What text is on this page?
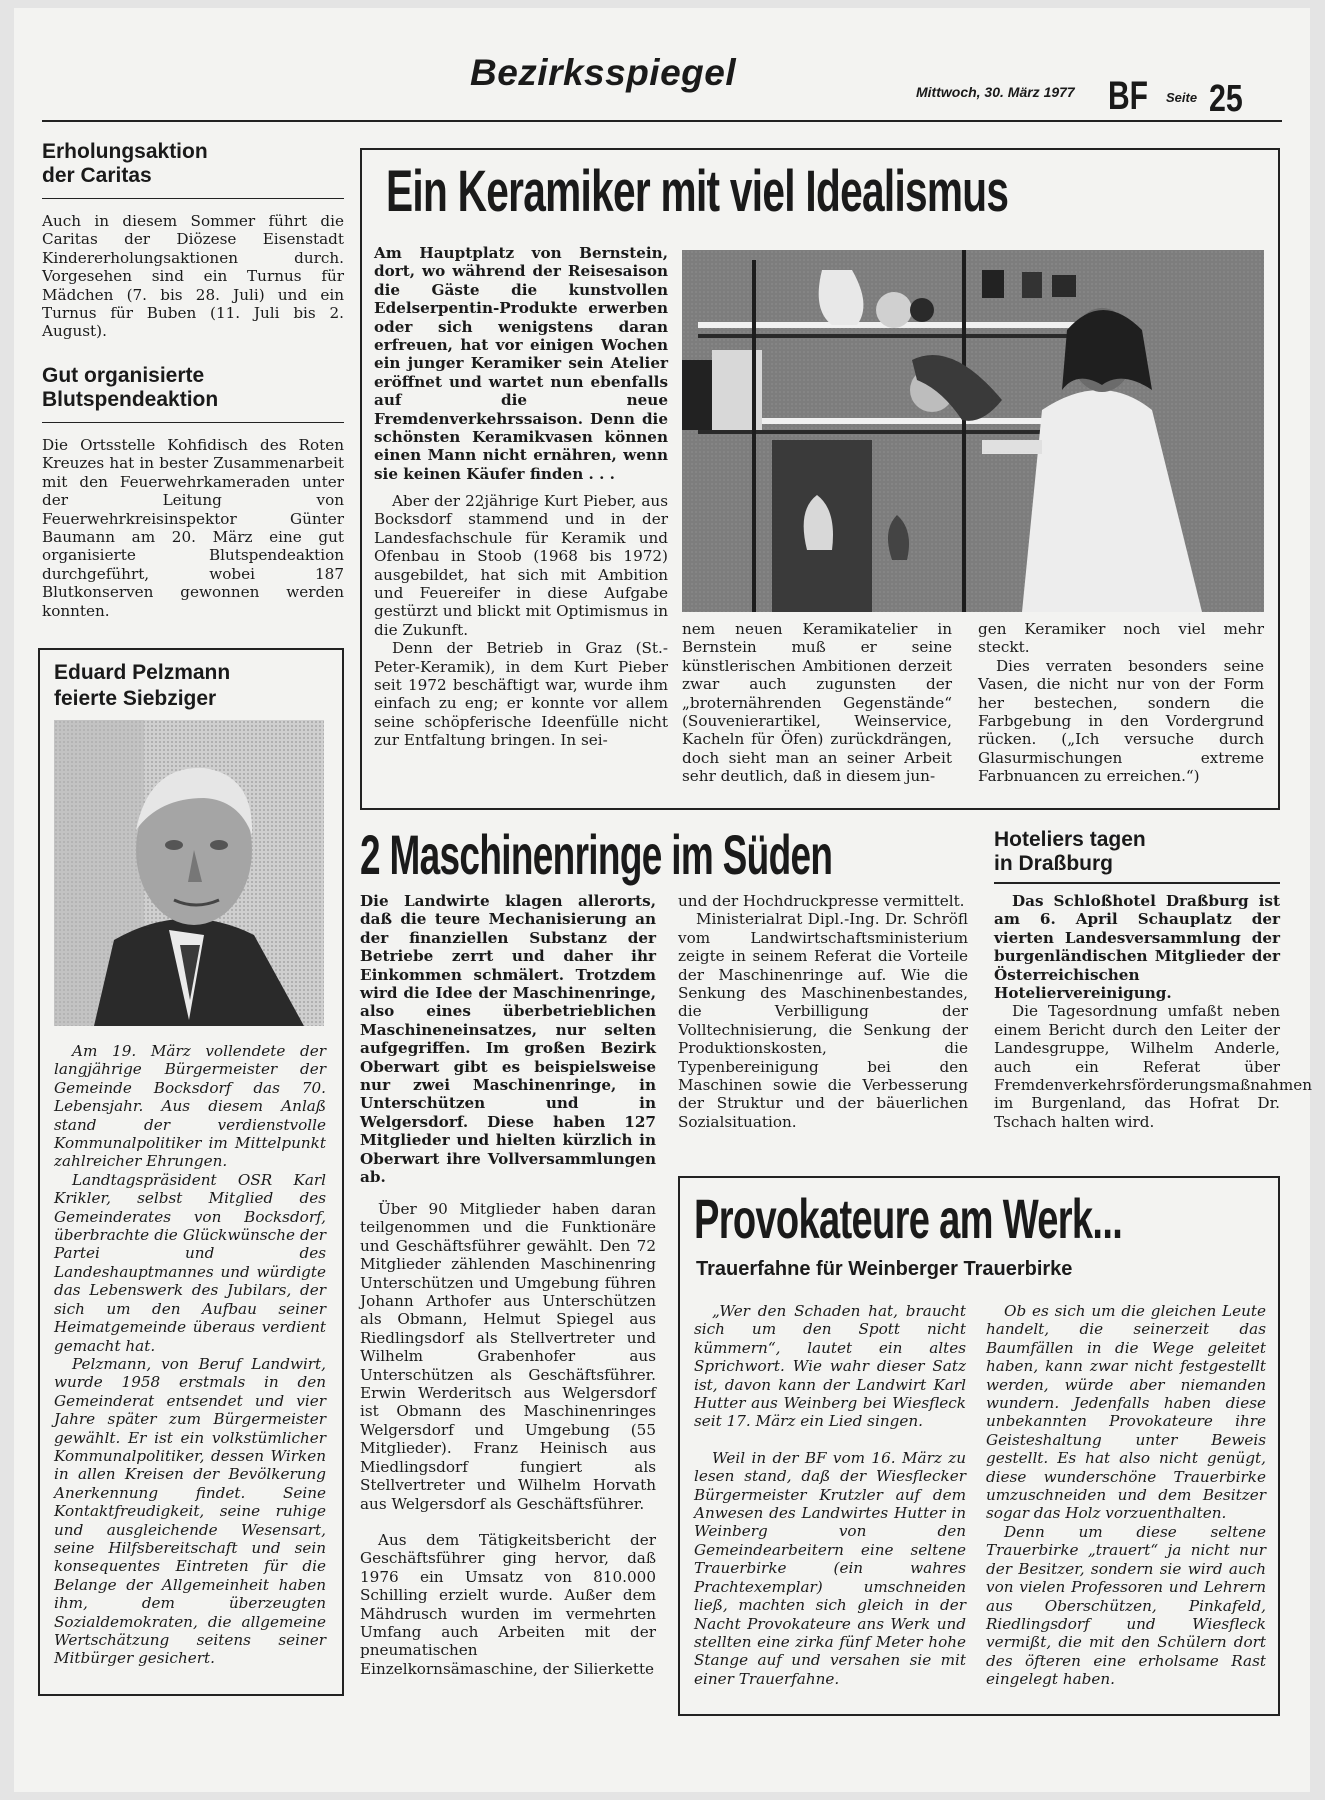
Bezirksspiegel	Mittwoch, 30. März 1977 BF Seite 25
Erholungsaktion
der Caritas
Auch in diesem Sommer führt die Caritas der Diözese Eisenstadt Kindererholungsaktionen durch. Vorgesehen sind ein Turnus für Mädchen (7. bis 28. Juli) und ein Turnus für Buben (11. Juli bis 2. August).
Gut organisierte
Blutspendeaktion
Die Ortsstelle Kohfidisch des Roten Kreuzes hat in bester Zusammenarbeit mit den Feuerwehrkameraden unter der Leitung von Feuerwehrkreisinspektor Günter Baumann am 20. März eine gut organisierte Blutspendeaktion durchgeführt, wobei 187 Blutkonserven gewonnen werden konnten.
Eduard Pelzmann
feierte Siebziger

Am 19. März vollendete der langjährige Bürgermeister der Gemeinde Bocksdorf das 70. Lebensjahr. Aus diesem Anlaß stand der verdienstvolle Kommunalpolitiker im Mittelpunkt zahlreicher Ehrungen.

Landtagspräsident OSR Karl Krikler, selbst Mitglied des Gemeinderates von Bocksdorf, überbrachte die Glückwünsche der Partei und des Landeshauptmannes und würdigte das Lebenswerk des Jubilars, der sich um den Aufbau seiner Heimatgemeinde überaus verdient gemacht hat.

Pelzmann, von Beruf Landwirt, wurde 1958 erstmals in den Gemeinderat entsendet und vier Jahre später zum Bürgermeister gewählt. Er ist ein volkstümlicher Kommunalpolitiker, dessen Wirken in allen Kreisen der Bevölkerung Anerkennung findet. Seine Kontaktfreudigkeit, seine ruhige und ausgleichende Wesensart, seine Hilfsbereitschaft und sein konsequentes Eintreten für die Belange der Allgemeinheit haben ihm, dem überzeugten Sozialdemokraten, die allgemeine Wertschätzung seitens seiner Mitbürger gesichert.

Ein Keramiker mit viel Idealismus
Am Hauptplatz von Bernstein, dort, wo während der Reisesaison die Gäste die kunstvollen Edelserpentin-Produkte erwerben oder sich wenigstens daran erfreuen, hat vor einigen Wochen ein junger Keramiker sein Atelier eröffnet und wartet nun ebenfalls auf die neue Fremdenverkehrssaison. Denn die schönsten Keramikvasen können einen Mann nicht ernähren, wenn sie keinen Käufer finden . . .

Aber der 22jährige Kurt Pieber, aus Bocksdorf stammend und in der Landesfachschule für Keramik und Ofenbau in Stoob (1968 bis 1972) ausgebildet, hat sich mit Ambition und Feuereifer in diese Aufgabe gestürzt und blickt mit Optimismus in die Zukunft.

Denn der Betrieb in Graz (St.-Peter-Keramik), in dem Kurt Pieber seit 1972 beschäftigt war, wurde ihm einfach zu eng; er konnte vor allem seine schöpferische Ideenfülle nicht zur Entfaltung bringen. In sei-

nem neuen Keramikatelier in Bernstein muß er seine künstlerischen Ambitionen derzeit zwar auch zugunsten der „broternährenden Gegenstände“ (Souvenierartikel, Weinservice, Kacheln für Öfen) zurückdrängen, doch sieht man an seiner Arbeit sehr deutlich, daß in diesem jun-

gen Keramiker noch viel mehr steckt.

Dies verraten besonders seine Vasen, die nicht nur von der Form her bestechen, sondern die Farbgebung in den Vordergrund rücken. („Ich versuche durch Glasurmischungen extreme Farbnuancen zu erreichen.“)

2 Maschinenringe im Süden
Die Landwirte klagen allerorts, daß die teure Mechanisierung an der finanziellen Substanz der Betriebe zerrt und daher ihr Einkommen schmälert. Trotzdem wird die Idee der Maschinenringe, also eines überbetrieblichen Maschineneinsatzes, nur selten aufgegriffen. Im großen Bezirk Oberwart gibt es beispielsweise nur zwei Maschinenringe, in Unterschützen und in Welgersdorf. Diese haben 127 Mitglieder und hielten kürzlich in Oberwart ihre Vollversammlungen ab.

Über 90 Mitglieder haben daran teilgenommen und die Funktionäre und Geschäftsführer gewählt. Den 72 Mitglieder zählenden Maschinenring Unterschützen und Umgebung führen Johann Arthofer aus Unterschützen als Obmann, Helmut Spiegel aus Riedlingsdorf als Stellvertreter und Wilhelm Grabenhofer aus Unterschützen als Geschäftsführer. Erwin Werderitsch aus Welgersdorf ist Obmann des Maschinenringes Welgersdorf und Umgebung (55 Mitglieder). Franz Heinisch aus Miedlingsdorf fungiert als Stellvertreter und Wilhelm Horvath aus Welgersdorf als Geschäftsführer.

Aus dem Tätigkeitsbericht der Geschäftsführer ging hervor, daß 1976 ein Umsatz von 810.000 Schilling erzielt wurde. Außer dem Mähdrusch wurden im vermehrten Umfang auch Arbeiten mit der pneumatischen Einzelkornsämaschine, der Silierkette

und der Hochdruckpresse vermittelt.

Ministerialrat Dipl.-Ing. Dr. Schröfl vom Landwirtschaftsministerium zeigte in seinem Referat die Vorteile der Maschinenringe auf. Wie die Senkung des Maschinenbestandes, die Verbilligung der Volltechnisierung, die Senkung der Produktionskosten, die Typenbereinigung bei den Maschinen sowie die Verbesserung der Struktur und der bäuerlichen Sozialsituation.

Hoteliers tagen
in Draßburg

Das Schloßhotel Draßburg ist am 6. April Schauplatz der vierten Landesversammlung der burgenländischen Mitglieder der Österreichischen Hoteliervereinigung.

Die Tagesordnung umfaßt neben einem Bericht durch den Leiter der Landesgruppe, Wilhelm Anderle, auch ein Referat über Fremdenverkehrsförderungsmaßnahmen im Burgenland, das Hofrat Dr. Tschach halten wird.

Provokateure am Werk...
Trauerfahne für Weinberger Trauerbirke

„Wer den Schaden hat, braucht sich um den Spott nicht kümmern“, lautet ein altes Sprichwort. Wie wahr dieser Satz ist, davon kann der Landwirt Karl Hutter aus Weinberg bei Wiesfleck seit 17. März ein Lied singen.

Weil in der BF vom 16. März zu lesen stand, daß der Wiesflecker Bürgermeister Krutzler auf dem Anwesen des Landwirtes Hutter in Weinberg von den Gemeindearbeitern eine seltene Trauerbirke (ein wahres Prachtexemplar) umschneiden ließ, machten sich gleich in der Nacht Provokateure ans Werk und stellten eine zirka fünf Meter hohe Stange auf und versahen sie mit einer Trauerfahne.

Ob es sich um die gleichen Leute handelt, die seinerzeit das Baumfällen in die Wege geleitet haben, kann zwar nicht festgestellt werden, würde aber niemanden wundern. Jedenfalls haben diese unbekannten Provokateure ihre Geisteshaltung unter Beweis gestellt. Es hat also nicht genügt, diese wunderschöne Trauerbirke umzuschneiden und dem Besitzer sogar das Holz vorzuenthalten.

Denn um diese seltene Trauerbirke „trauert“ ja nicht nur der Besitzer, sondern sie wird auch von vielen Professoren und Lehrern aus Oberschützen, Pinkafeld, Riedlingsdorf und Wiesfleck vermißt, die mit den Schülern dort des öfteren eine erholsame Rast eingelegt haben.
